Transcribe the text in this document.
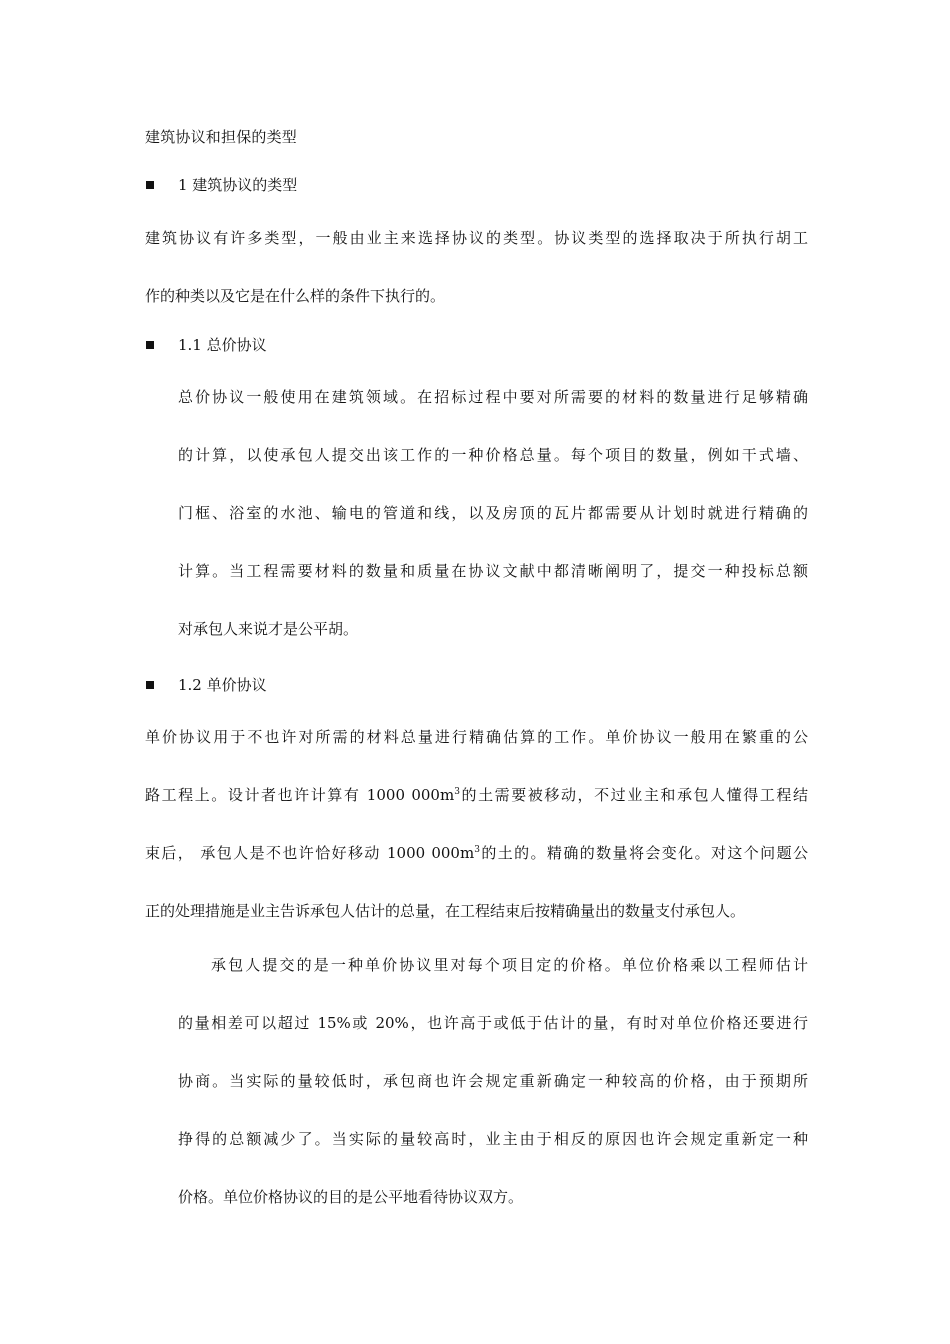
建筑协议和担保的类型
1 建筑协议的类型
建筑协议有许多类型，一般由业主来选择协议的类型。协议类型的选择取决于所执行胡工
作的种类以及它是在什么样的条件下执行的。
1.1 总价协议
总价协议一般使用在建筑领域。在招标过程中要对所需要的材料的数量进行足够精确
的计算，以使承包人提交出该工作的一种价格总量。每个项目的数量，例如干式墙、
门框、浴室的水池、输电的管道和线，以及房顶的瓦片都需要从计划时就进行精确的
计算。当工程需要材料的数量和质量在协议文献中都清晰阐明了，提交一种投标总额
对承包人来说才是公平胡。
1.2 单价协议
单价协议用于不也许对所需的材料总量进行精确估算的工作。单价协议一般用在繁重的公
路工程上。设计者也许计算有 1000 $000m^3$的土需要被移动，不过业主和承包人懂得工程结
束后， 承包人是不也许恰好移动 1000 $000m^3$的土的。精确的数量将会变化。对这个问题公
正的处理措施是业主告诉承包人估计的总量，在工程结束后按精确量出的数量支付承包人。
承包人提交的是一种单价协议里对每个项目定的价格。单位价格乘以工程师估计
的量相差可以超过 15%或 20%，也许高于或低于估计的量，有时对单位价格还要进行
协商。当实际的量较低时，承包商也许会规定重新确定一种较高的价格，由于预期所
挣得的总额减少了。当实际的量较高时，业主由于相反的原因也许会规定重新定一种
价格。单位价格协议的目的是公平地看待协议双方。
